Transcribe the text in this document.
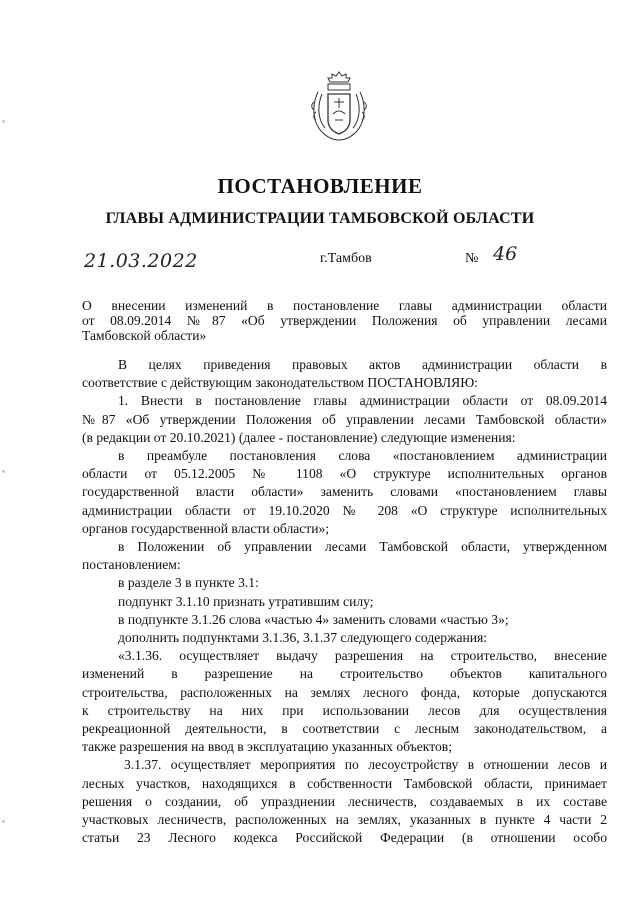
ПОСТАНОВЛЕНИЕ
ГЛАВЫ АДМИНИСТРАЦИИ ТАМБОВСКОЙ ОБЛАСТИ
21.03.2022	г.Тамбов	№ 46
О внесении изменений в постановление главы администрации области
от 08.09.2014 №87 «Об утверждении Положения об управлении лесами
Тамбовской области»
В целях приведения правовых актов администрации области в
соответствие с действующим законодательством ПОСТАНОВЛЯЮ:
1. Внести в постановление главы администрации области от 08.09.2014
№87 «Об утверждении Положения об управлении лесами Тамбовской области»
(в редакции от 20.10.2021) (далее - постановление) следующие изменения:
в преамбуле постановления слова «постановлением администрации
области от 05.12.2005 № 1108 «О структуре исполнительных органов
государственной власти области» заменить словами «постановлением главы
администрации области от 19.10.2020 № 208 «О структуре исполнительных
органов государственной власти области»;
в Положении об управлении лесами Тамбовской области, утвержденном
постановлением:
в разделе 3 в пункте 3.1:
подпункт 3.1.10 признать утратившим силу;
в подпункте 3.1.26 слова «частью 4» заменить словами «частью 3»;
дополнить подпунктами 3.1.36, 3.1.37 следующего содержания:
«3.1.36. осуществляет выдачу разрешения на строительство, внесение
изменений в разрешение на строительство объектов капитального
строительства, расположенных на землях лесного фонда, которые допускаются
к строительству на них при использовании лесов для осуществления
рекреационной деятельности, в соответствии с лесным законодательством, а
также разрешения на ввод в эксплуатацию указанных объектов;
3.1.37. осуществляет мероприятия по лесоустройству в отношении лесов и
лесных участков, находящихся в собственности Тамбовской области, принимает
решения о создании, об упразднении лесничеств, создаваемых в их составе
участковых лесничеств, расположенных на землях, указанных в пункте 4 части 2
статьи 23 Лесного кодекса Российской Федерации (в отношении особо
